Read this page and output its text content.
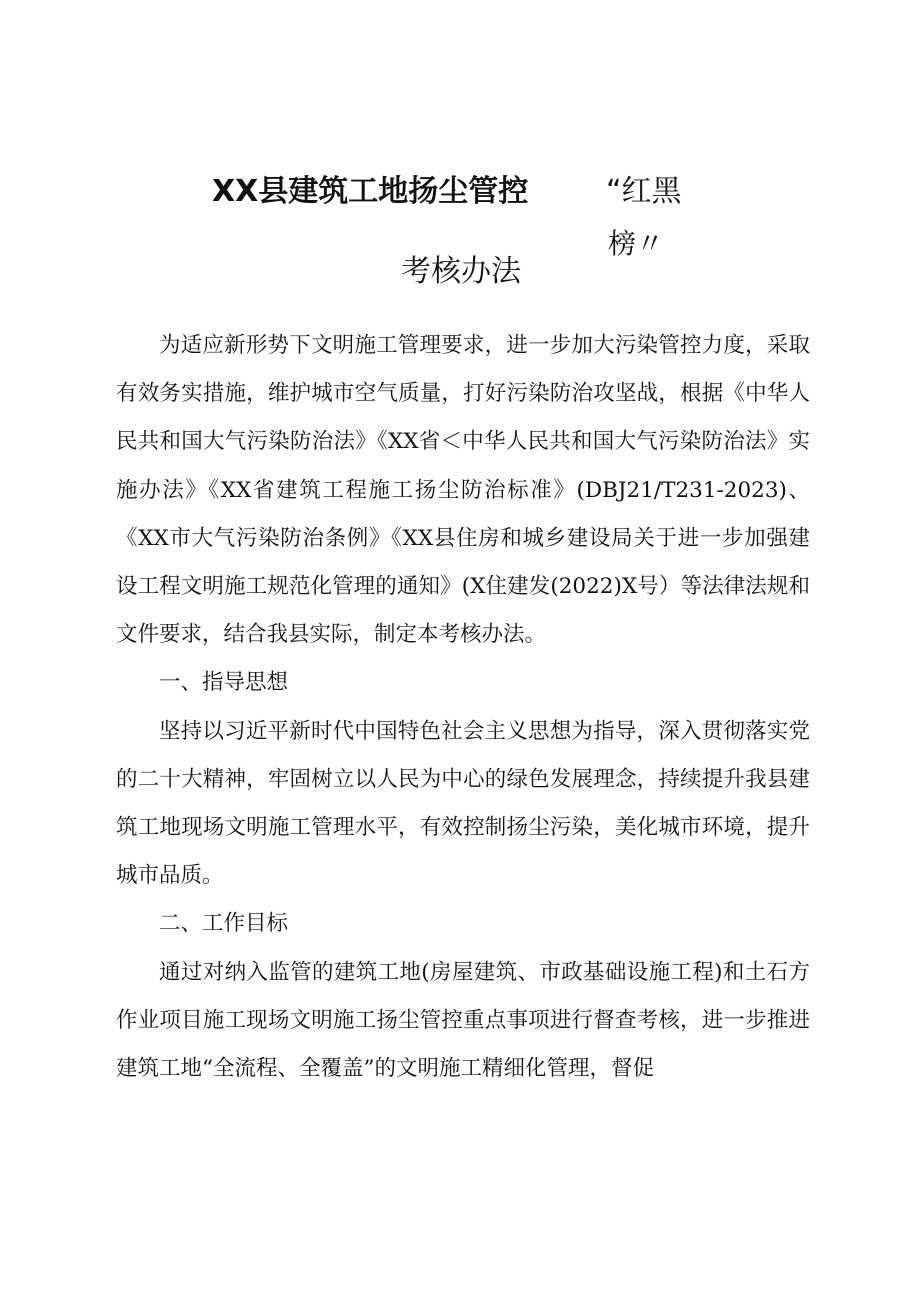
XX县建筑工地扬尘管控	“红黑
榜〃
考核办法

为适应新形势下文明施工管理要求，进一步加大污染管控力度，采取有效务实措施，维护城市空气质量，打好污染防治攻坚战，根据《中华人民共和国大气污染防治法》《XX省＜中华人民共和国大气污染防治法》实施办法》《XX省建筑工程施工扬尘防治标准》(DBJ21/T231-2023)、《XX市大气污染防治条例》《XX县住房和城乡建设局关于进一步加强建设工程文明施工规范化管理的通知》(X住建发(2022)X号）等法律法规和文件要求，结合我县实际，制定本考核办法。

一、指导思想

坚持以习近平新时代中国特色社会主义思想为指导，深入贯彻落实党的二十大精神，牢固树立以人民为中心的绿色发展理念，持续提升我县建筑工地现场文明施工管理水平，有效控制扬尘污染，美化城市环境，提升城市品质。

二、工作目标

通过对纳入监管的建筑工地(房屋建筑、市政基础设施工程)和土石方作业项目施工现场文明施工扬尘管控重点事项进行督查考核，进一步推进建筑工地“全流程、全覆盖”的文明施工精细化管理，督促
